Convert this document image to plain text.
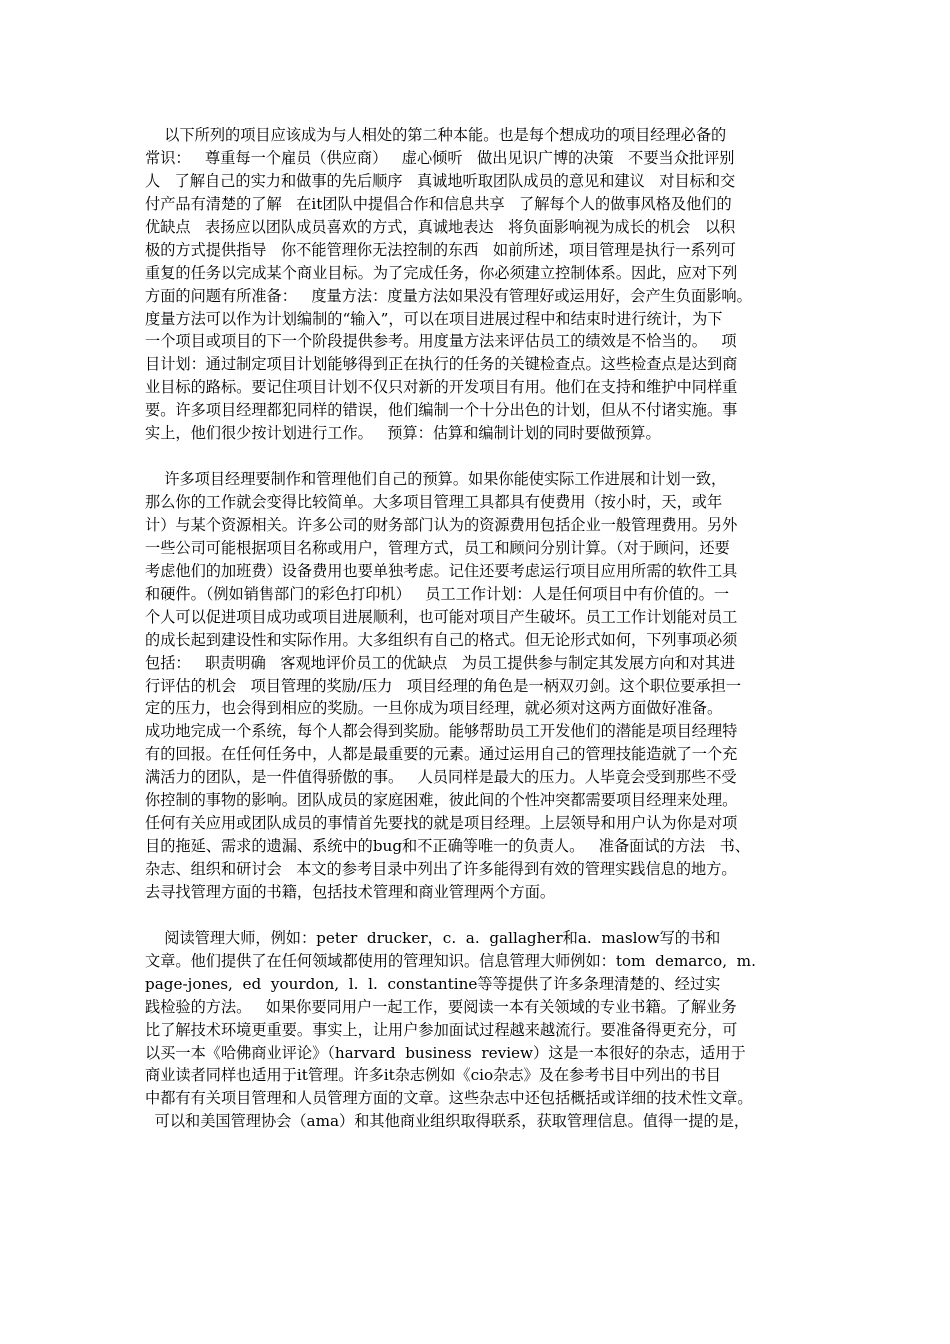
以下所列的项目应该成为与人相处的第二种本能。也是每个想成功的项目经理必备的
常识：   尊重每一个雇员（供应商）   虚心倾听   做出见识广博的决策   不要当众批评别
人   了解自己的实力和做事的先后顺序   真诚地听取团队成员的意见和建议   对目标和交
付产品有清楚的了解   在it团队中提倡合作和信息共享   了解每个人的做事风格及他们的
优缺点   表扬应以团队成员喜欢的方式，真诚地表达   将负面影响视为成长的机会   以积
极的方式提供指导   你不能管理你无法控制的东西   如前所述，项目管理是执行一系列可
重复的任务以完成某个商业目标。为了完成任务，你必须建立控制体系。因此，应对下列
方面的问题有所准备：   度量方法：度量方法如果没有管理好或运用好，会产生负面影响。
度量方法可以作为计划编制的“输入”，可以在项目进展过程中和结束时进行统计，为下
一个项目或项目的下一个阶段提供参考。用度量方法来评估员工的绩效是不恰当的。   项
目计划：通过制定项目计划能够得到正在执行的任务的关键检查点。这些检查点是达到商
业目标的路标。要记住项目计划不仅只对新的开发项目有用。他们在支持和维护中同样重
要。许多项目经理都犯同样的错误，他们编制一个十分出色的计划，但从不付诸实施。事
实上，他们很少按计划进行工作。   预算：估算和编制计划的同时要做预算。
许多项目经理要制作和管理他们自己的预算。如果你能使实际工作进展和计划一致，
那么你的工作就会变得比较简单。大多项目管理工具都具有使费用（按小时，天，或年
计）与某个资源相关。许多公司的财务部门认为的资源费用包括企业一般管理费用。另外
一些公司可能根据项目名称或用户，管理方式，员工和顾问分别计算。（对于顾问，还要
考虑他们的加班费）设备费用也要单独考虑。记住还要考虑运行项目应用所需的软件工具
和硬件。（例如销售部门的彩色打印机）   员工工作计划：人是任何项目中有价值的。一
个人可以促进项目成功或项目进展顺利，也可能对项目产生破坏。员工工作计划能对员工
的成长起到建设性和实际作用。大多组织有自己的格式。但无论形式如何，下列事项必须
包括：   职责明确   客观地评价员工的优缺点   为员工提供参与制定其发展方向和对其进
行评估的机会   项目管理的奖励/压力   项目经理的角色是一柄双刃剑。这个职位要承担一
定的压力，也会得到相应的奖励。一旦你成为项目经理，就必须对这两方面做好准备。
成功地完成一个系统，每个人都会得到奖励。能够帮助员工开发他们的潜能是项目经理特
有的回报。在任何任务中，人都是最重要的元素。通过运用自己的管理技能造就了一个充
满活力的团队，是一件值得骄傲的事。   人员同样是最大的压力。人毕竟会受到那些不受
你控制的事物的影响。团队成员的家庭困难，彼此间的个性冲突都需要项目经理来处理。
任何有关应用或团队成员的事情首先要找的就是项目经理。上层领导和用户认为你是对项
目的拖延、需求的遗漏、系统中的bug和不正确等唯一的负责人。   准备面试的方法   书、
杂志、组织和研讨会   本文的参考目录中列出了许多能得到有效的管理实践信息的地方。
去寻找管理方面的书籍，包括技术管理和商业管理两个方面。
阅读管理大师，例如：peter  drucker，c.  a.  gallagher和a.  maslow写的书和
文章。他们提供了在任何领域都使用的管理知识。信息管理大师例如：tom  demarco,  m.
page-jones,  ed  yourdon,  l.  l.  constantine等等提供了许多条理清楚的、经过实
践检验的方法。   如果你要同用户一起工作，要阅读一本有关领域的专业书籍。了解业务
比了解技术环境更重要。事实上，让用户参加面试过程越来越流行。要准备得更充分，可
以买一本《哈佛商业评论》（harvard  business  review）这是一本很好的杂志，适用于
商业读者同样也适用于it管理。许多it杂志例如《cio杂志》及在参考书目中列出的书目
中都有有关项目管理和人员管理方面的文章。这些杂志中还包括概括或详细的技术性文章。
可以和美国管理协会（ama）和其他商业组织取得联系，获取管理信息。值得一提的是，
